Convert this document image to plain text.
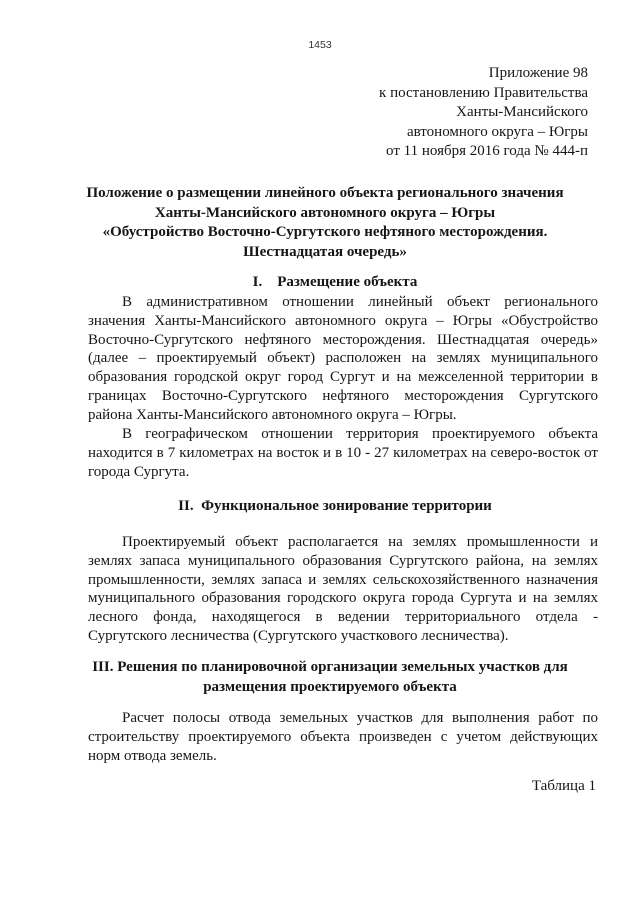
1453
Приложение 98
к постановлению Правительства
Ханты-Мансийского
автономного округа – Югры
от 11 ноября 2016 года № 444-п
Положение о размещении линейного объекта регионального значения
Ханты-Мансийского автономного округа – Югры
«Обустройство Восточно-Сургутского нефтяного месторождения.
Шестнадцатая очередь»
I. Размещение объекта

В административном отношении линейный объект регионального значения Ханты-Мансийского автономного округа – Югры «Обустройство Восточно-Сургутского нефтяного месторождения. Шестнадцатая очередь» (далее – проектируемый объект) расположен на землях муниципального образования городской округ город Сургут и на межселенной территории в границах Восточно-Сургутского нефтяного месторождения Сургутского района Ханты-Мансийского автономного округа – Югры.

В географическом отношении территория проектируемого объекта находится в 7 километрах на восток и в 10 - 27 километрах на северо-восток от города Сургута.

II. Функциональное зонирование территории

Проектируемый объект располагается на землях промышленности и землях запаса муниципального образования Сургутского района, на землях промышленности, землях запаса и землях сельскохозяйственного назначения муниципального образования городского округа города Сургута и на землях лесного фонда, находящегося в ведении территориального отдела - Сургутского лесничества (Сургутского участкового лесничества).

III. Решения по планировочной организации земельных участков для
размещения проектируемого объекта

Расчет полосы отвода земельных участков для выполнения работ по строительству проектируемого объекта произведен с учетом действующих норм отвода земель.

Таблица 1
